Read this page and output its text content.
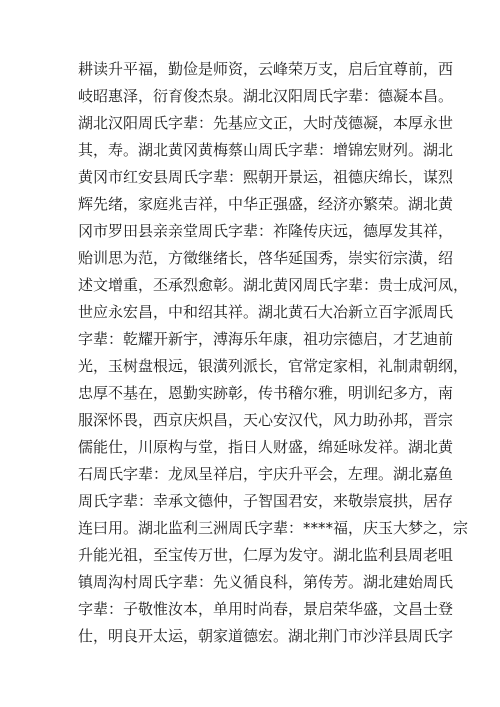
耕读升平福，勤俭是师资，云峰荣万支，启后宜尊前，西
岐昭惠泽，衍育俊杰泉。湖北汉阳周氏字辈：德凝本昌。
湖北汉阳周氏字辈：先基应文正，大时茂德凝，本厚永世
其，寿。湖北黄冈黄梅蔡山周氏字辈：增锦宏财列。湖北
黄冈市红安县周氏字辈：熙朝开景运，祖德庆绵长，谋烈
辉先绪，家庭兆吉祥，中华正强盛，经济亦繁荣。湖北黄
冈市罗田县亲亲堂周氏字辈：祚隆传庆远，德厚发其祥，
贻训思为范，方徵继绪长，啓华延国秀，崇实衍宗潢，绍
述文增重，丕承烈愈彰。湖北黄冈周氏字辈：贵士成河凤，
世应永宏昌，中和绍其祥。湖北黄石大冶新立百字派周氏
字辈：乾耀开新宇，溥海乐年康，祖功宗德启，才艺迪前
光，玉树盘根远，银潢列派长，官常定家相，礼制肃朝纲，
忠厚不基在，恩勤实跡彰，传书稽尔雅，明训纪多方，南
服深怀畏，西京庆炽昌，天心安汉代，风力助孙邦，晋宗
儒能仕，川原构与堂，指日人财盛，绵延咏发祥。湖北黄
石周氏字辈：龙凤呈祥启，宇庆升平会，左理。湖北嘉鱼
周氏字辈：幸承文德仲，子智国君安，来敬崇宸拱，居存
连曰用。湖北监利三洲周氏字辈：****福，庆玉大梦之，宗
升能光祖，至宝传万世，仁厚为发守。湖北监利县周老咀
镇周沟村周氏字辈：先义循良科，第传芳。湖北建始周氏
字辈：子敬惟汝本，单用时尚春，景启荣华盛，文昌士登
仕，明良开太运，朝家道德宏。湖北荆门市沙洋县周氏字
